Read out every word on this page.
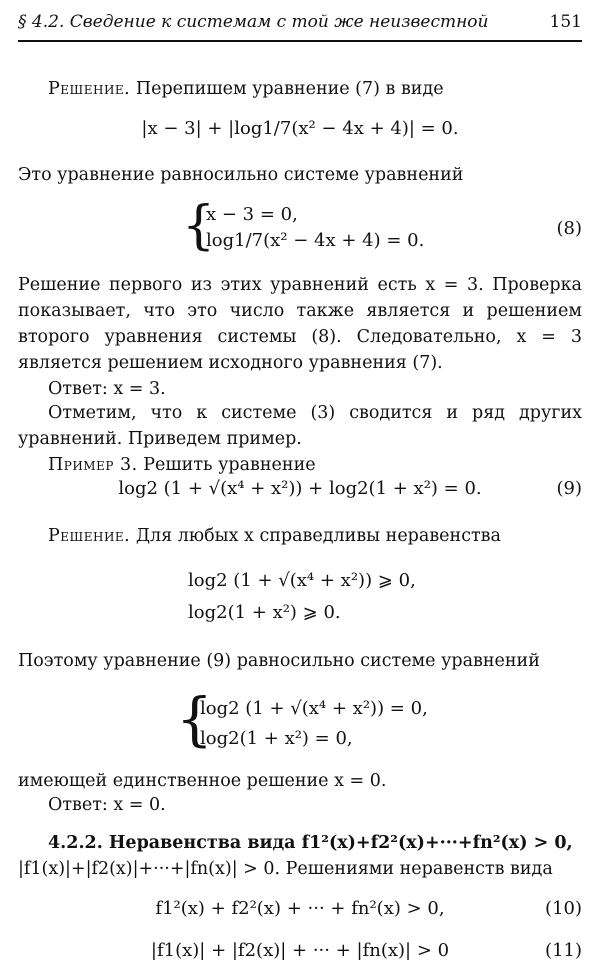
§ 4.2. Сведение к системам с той же неизвестной	151
Решение. Перепишем уравнение (7) в виде
|x − 3| + |log1/7(x² − 4x + 4)| = 0.
Это уравнение равносильно системе уравнений
{
x − 3 = 0,
log1/7(x² − 4x + 4) = 0.
(8)
Решение первого из этих уравнений есть x = 3. Проверка показывает, что это число также является и решением второго уравнения системы (8). Следовательно, x = 3 является решением исходного уравнения (7).
Ответ: x = 3.
Отметим, что к системе (3) сводится и ряд других уравнений. Приведем пример.
Пример 3. Решить уравнение
log2 (1 + √(x⁴ + x²)) + log2(1 + x²) = 0.	(9)
Решение. Для любых x справедливы неравенства
log2 (1 + √(x⁴ + x²)) ⩾ 0,
log2(1 + x²) ⩾ 0.
Поэтому уравнение (9) равносильно системе уравнений
{
log2 (1 + √(x⁴ + x²)) = 0,
log2(1 + x²) = 0,
имеющей единственное решение x = 0.
Ответ: x = 0.
4.2.2. Неравенства вида f1²(x)+f2²(x)+···+fn²(x) > 0,
|f1(x)|+|f2(x)|+···+|fn(x)| > 0. Решениями неравенств вида
f1²(x) + f2²(x) + ··· + fn²(x) > 0,	(10)
|f1(x)| + |f2(x)| + ··· + |fn(x)| > 0	(11)
